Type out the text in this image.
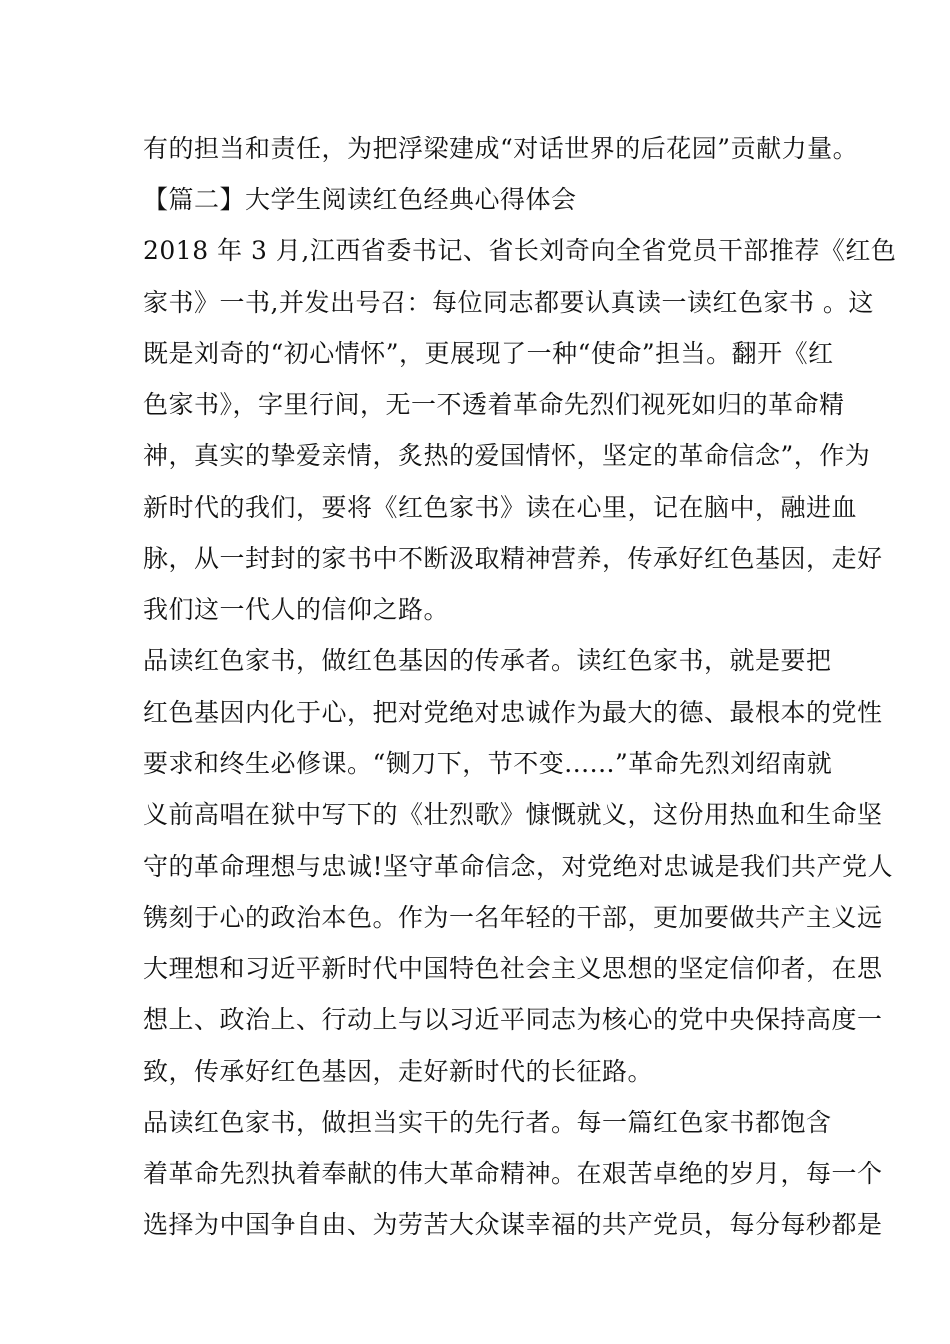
有的担当和责任，为把浮梁建成“对话世界的后花园”贡献力量。
【篇二】大学生阅读红色经典心得体会
2018 年 3 月,江西省委书记、省长刘奇向全省党员干部推荐《红色
家书》一书,并发出号召：每位同志都要认真读一读红色家书 。这
既是刘奇的“初心情怀”，更展现了一种“使命”担当。翻开《红
色家书》，字里行间，无一不透着革命先烈们视死如归的革命精
神，真实的挚爱亲情，炙热的爱国情怀，坚定的革命信念”，作为
新时代的我们，要将《红色家书》读在心里，记在脑中，融进血
脉，从一封封的家书中不断汲取精神营养，传承好红色基因，走好
我们这一代人的信仰之路。
品读红色家书，做红色基因的传承者。读红色家书，就是要把
红色基因内化于心，把对党绝对忠诚作为最大的德、最根本的党性
要求和终生必修课。“铡刀下，节不变......”革命先烈刘绍南就
义前高唱在狱中写下的《壮烈歌》慷慨就义，这份用热血和生命坚
守的革命理想与忠诚!坚守革命信念，对党绝对忠诚是我们共产党人
镌刻于心的政治本色。作为一名年轻的干部，更加要做共产主义远
大理想和习近平新时代中国特色社会主义思想的坚定信仰者，在思
想上、政治上、行动上与以习近平同志为核心的党中央保持高度一
致，传承好红色基因，走好新时代的长征路。
品读红色家书，做担当实干的先行者。每一篇红色家书都饱含
着革命先烈执着奉献的伟大革命精神。在艰苦卓绝的岁月，每一个
选择为中国争自由、为劳苦大众谋幸福的共产党员，每分每秒都是
